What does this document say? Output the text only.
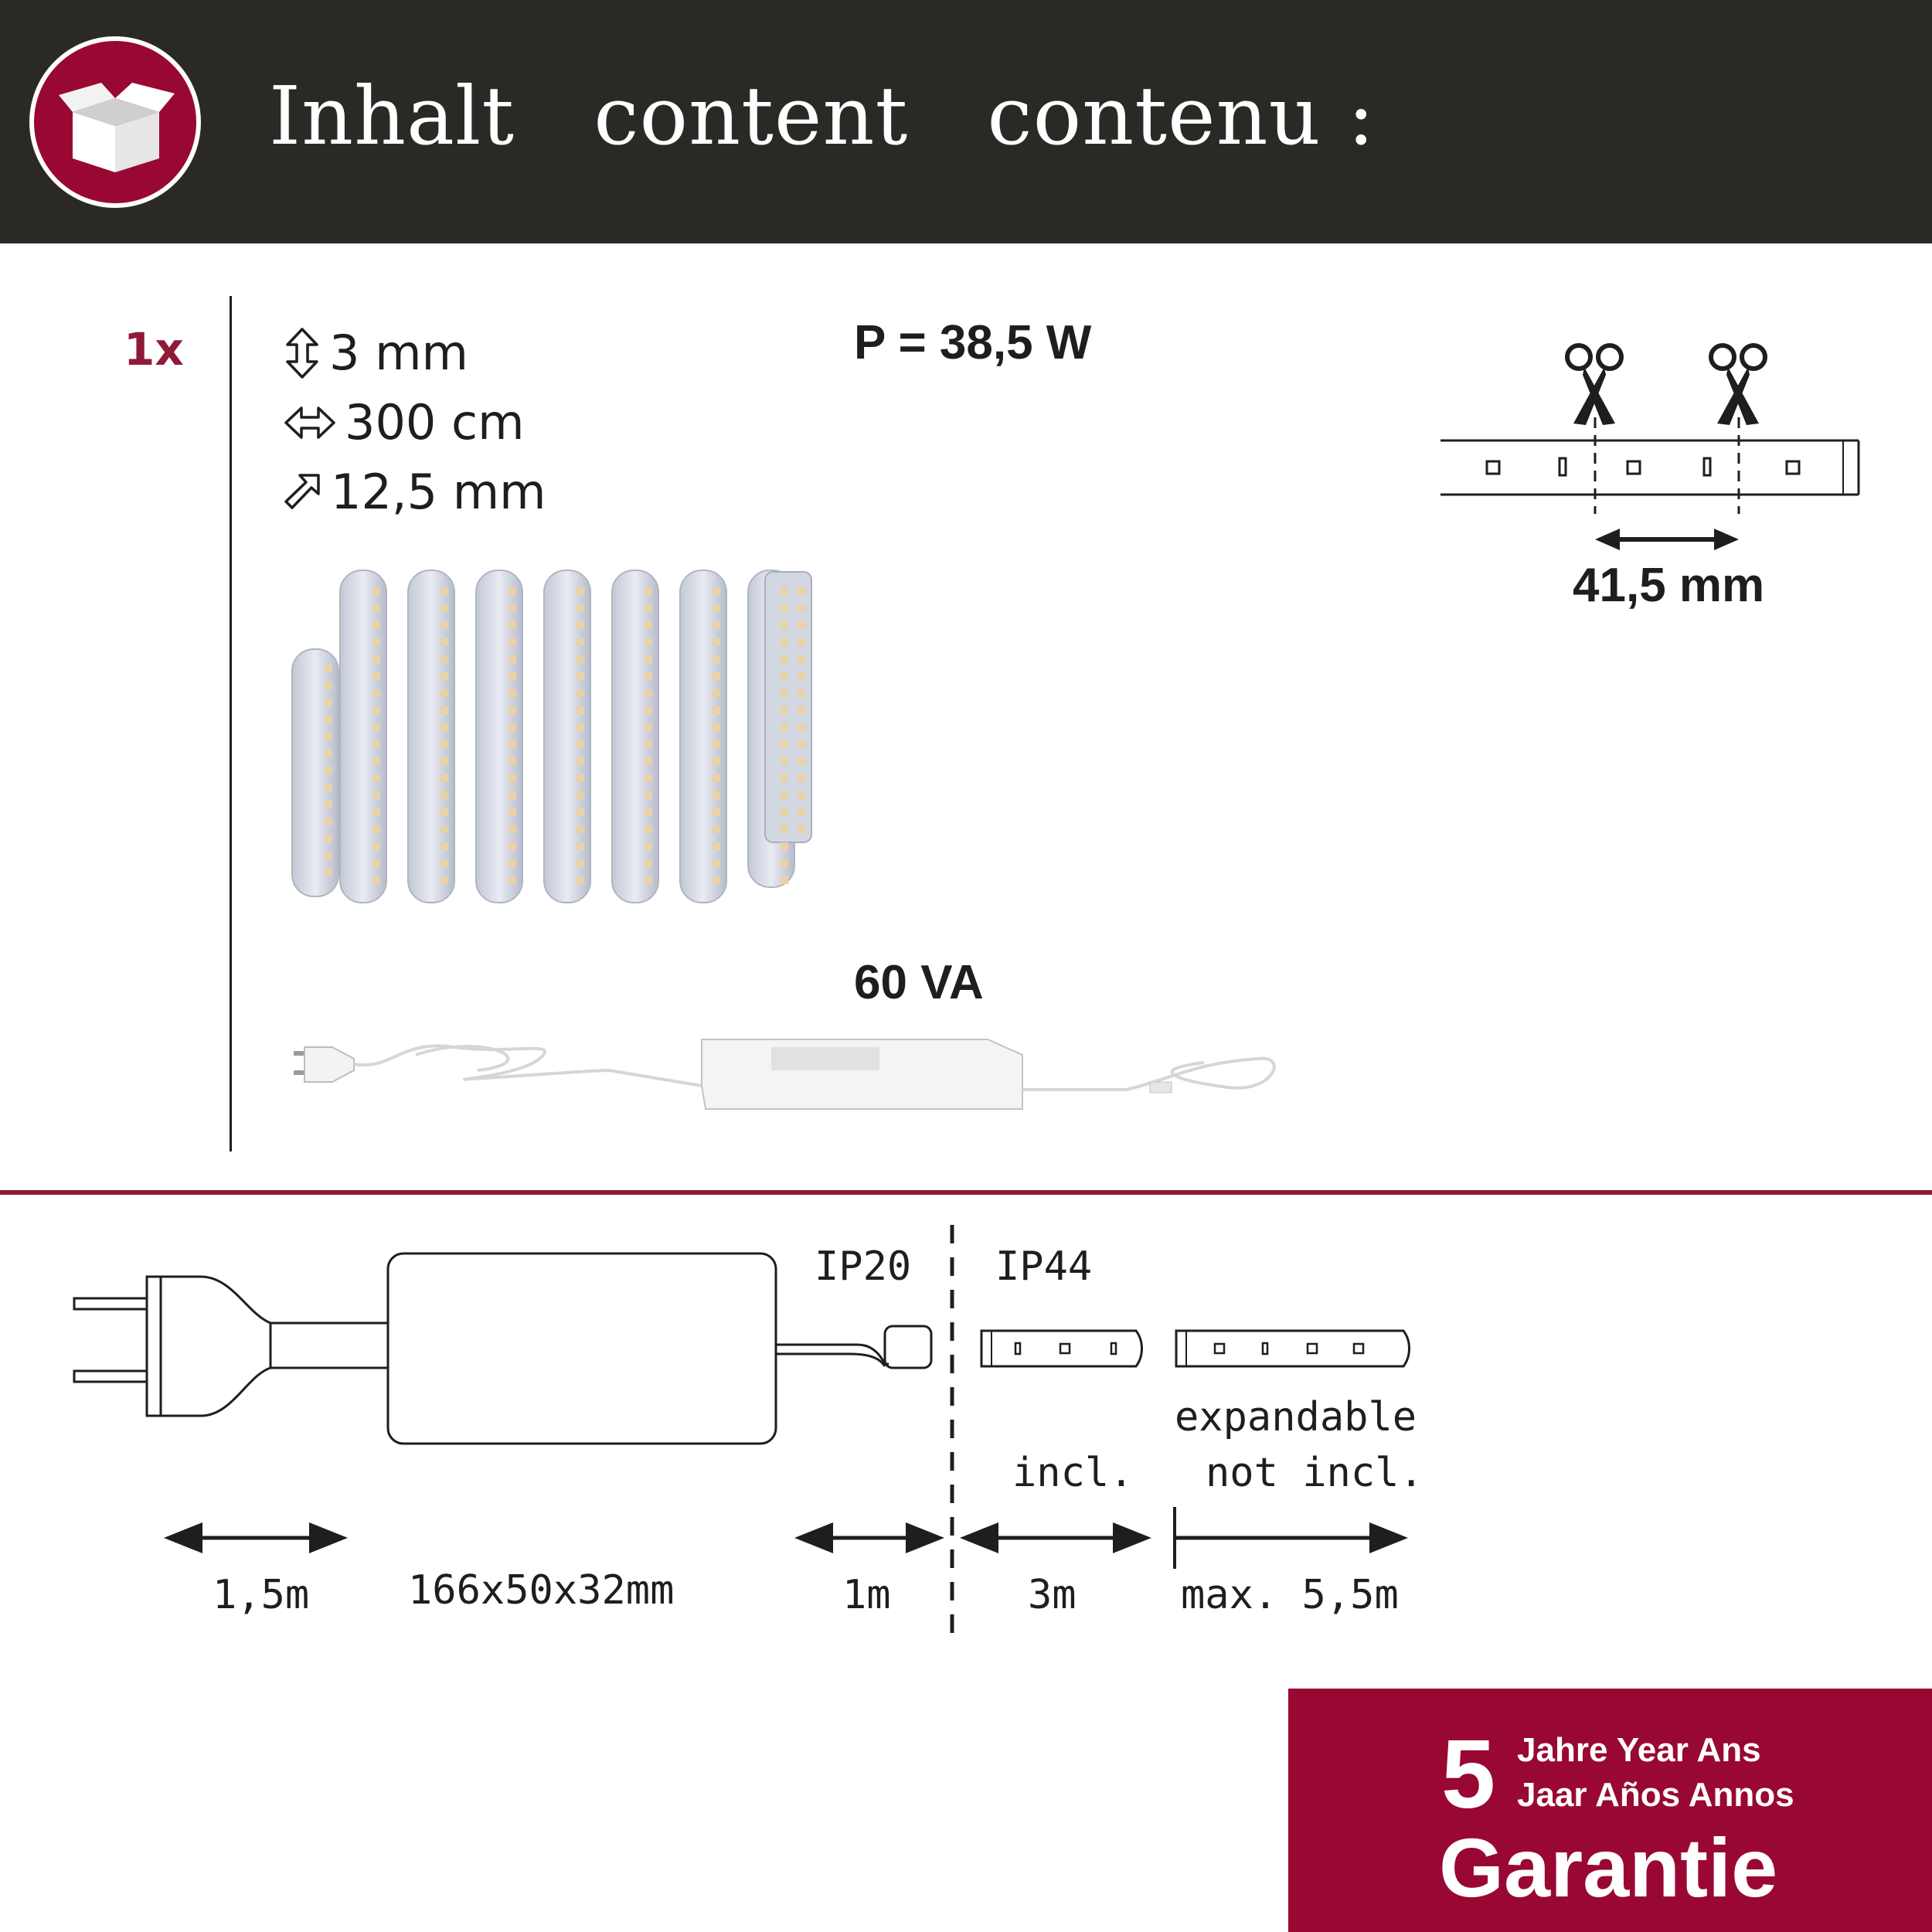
Inhalt   content   contenu :
1x	3 mm
300 cm
12,5 mm
P = 38,5 W
60 VA
41,5 mm
IP20 IP44
incl.
expandable
not incl.
1,5m 166x50x32mm	1m	3m	max. 5,5m
5 Jahre Year Ans
Jaar Años Annos
Garantie
